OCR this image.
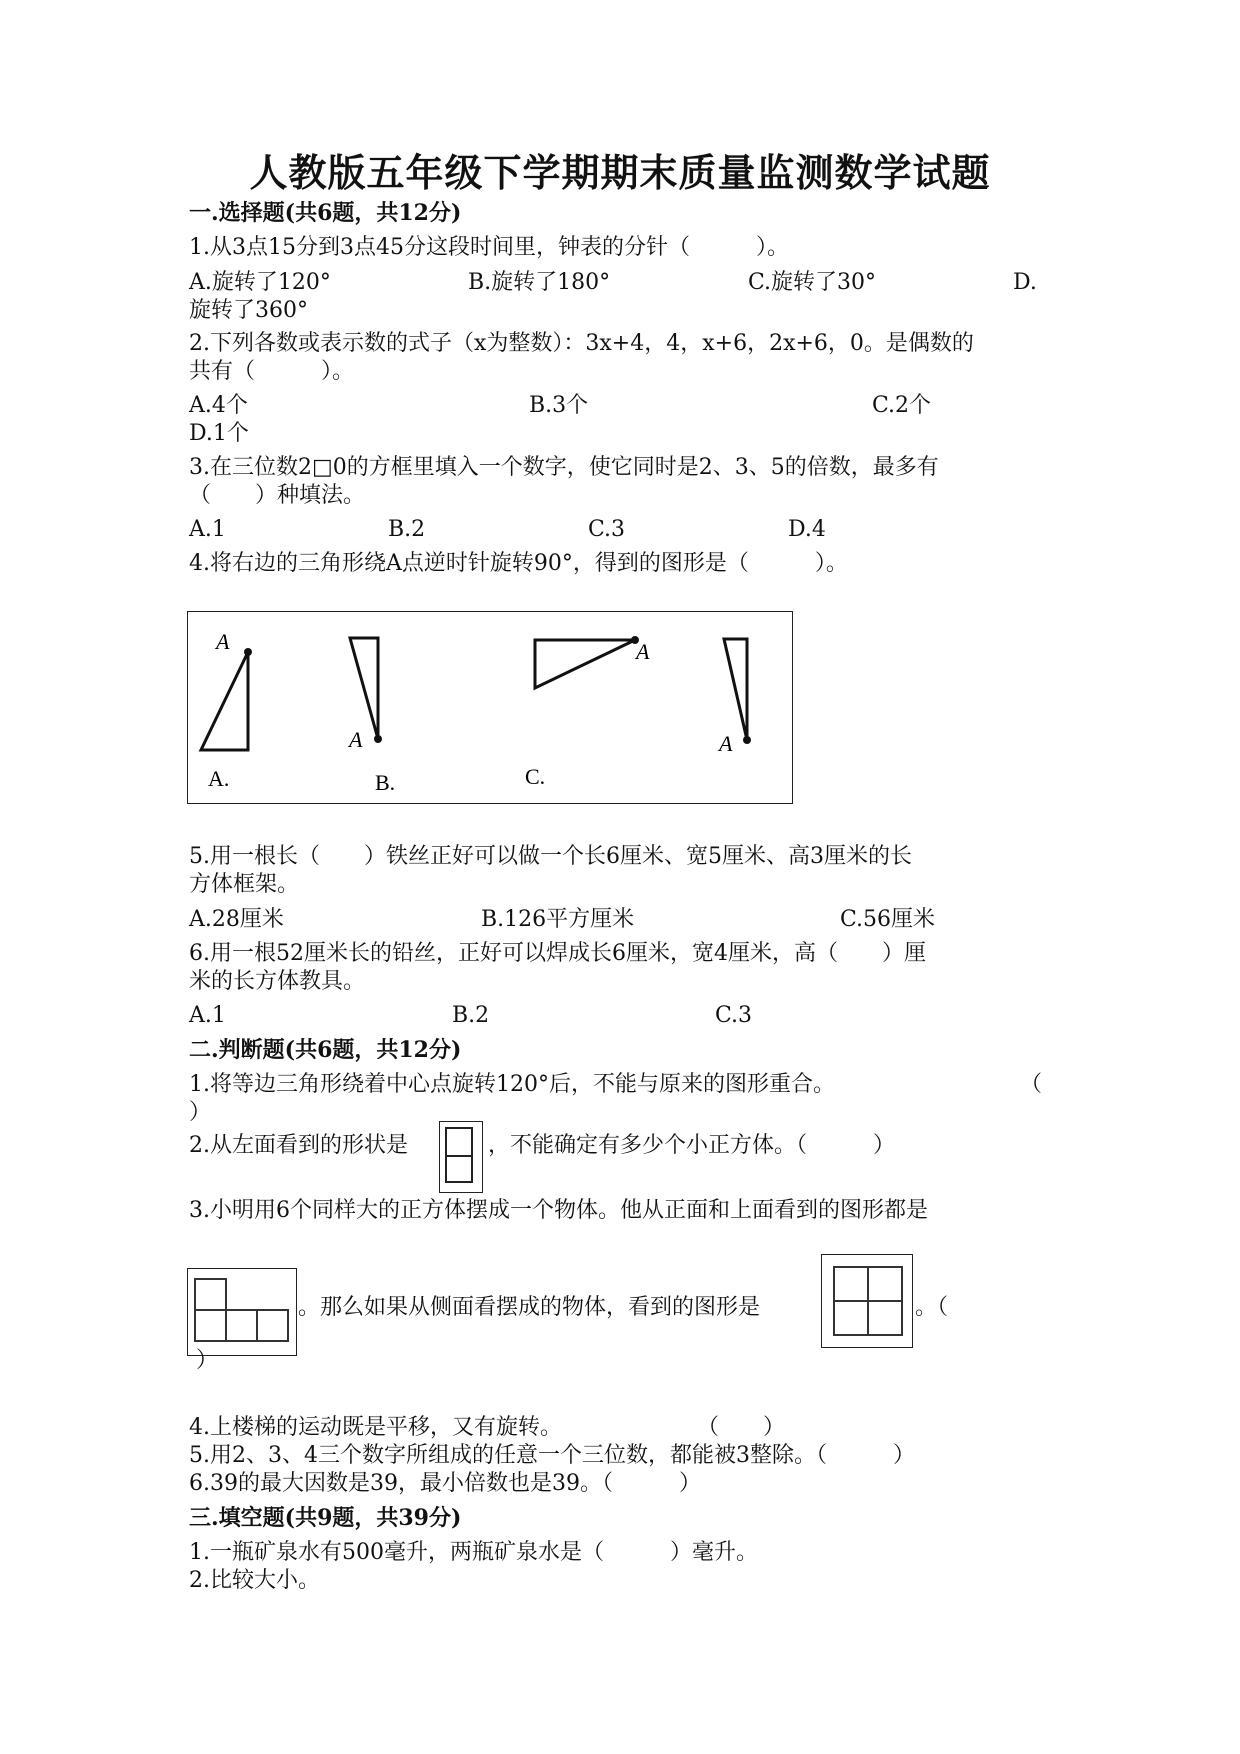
人教版五年级下学期期末质量监测数学试题
一.选择题(共6题，共12分)
1.从3点15分到3点45分这段时间里，钟表的分针（　　　）。
A.旋转了120°	B.旋转了180°	C.旋转了30°	D.
旋转了360°
2.下列各数或表示数的式子（x为整数）：3x+4，4，x+6，2x+6，0。是偶数的
共有（　　　）。
A.4个	B.3个	C.2个
D.1个
3.在三位数2□0的方框里填入一个数字，使它同时是2、3、5的倍数，最多有
（　　）种填法。
A.1	B.2	C.3	D.4
4.将右边的三角形绕A点逆时针旋转90°，得到的图形是（　　　）。
A
A
A
A
A.	B.	C.
5.用一根长（　　）铁丝正好可以做一个长6厘米、宽5厘米、高3厘米的长
方体框架。
A.28厘米	B.126平方厘米	C.56厘米
6.用一根52厘米长的铅丝，正好可以焊成长6厘米，宽4厘米，高（　　）厘
米的长方体教具。
A.1	B.2	C.3
二.判断题(共6题，共12分)
1.将等边三角形绕着中心点旋转120°后，不能与原来的图形重合。	（
）
2.从左面看到的形状是	，不能确定有多少个小正方体。（　　　）
3.小明用6个同样大的正方体摆成一个物体。他从正面和上面看到的图形都是
。那么如果从侧面看摆成的物体，看到的图形是	。（
）
4.上楼梯的运动既是平移，又有旋转。	（　　）
5.用2、3、4三个数字所组成的任意一个三位数，都能被3整除。（　　　）
6.39的最大因数是39，最小倍数也是39。（　　　）
三.填空题(共9题，共39分)
1.一瓶矿泉水有500毫升，两瓶矿泉水是（　　　）毫升。
2.比较大小。
